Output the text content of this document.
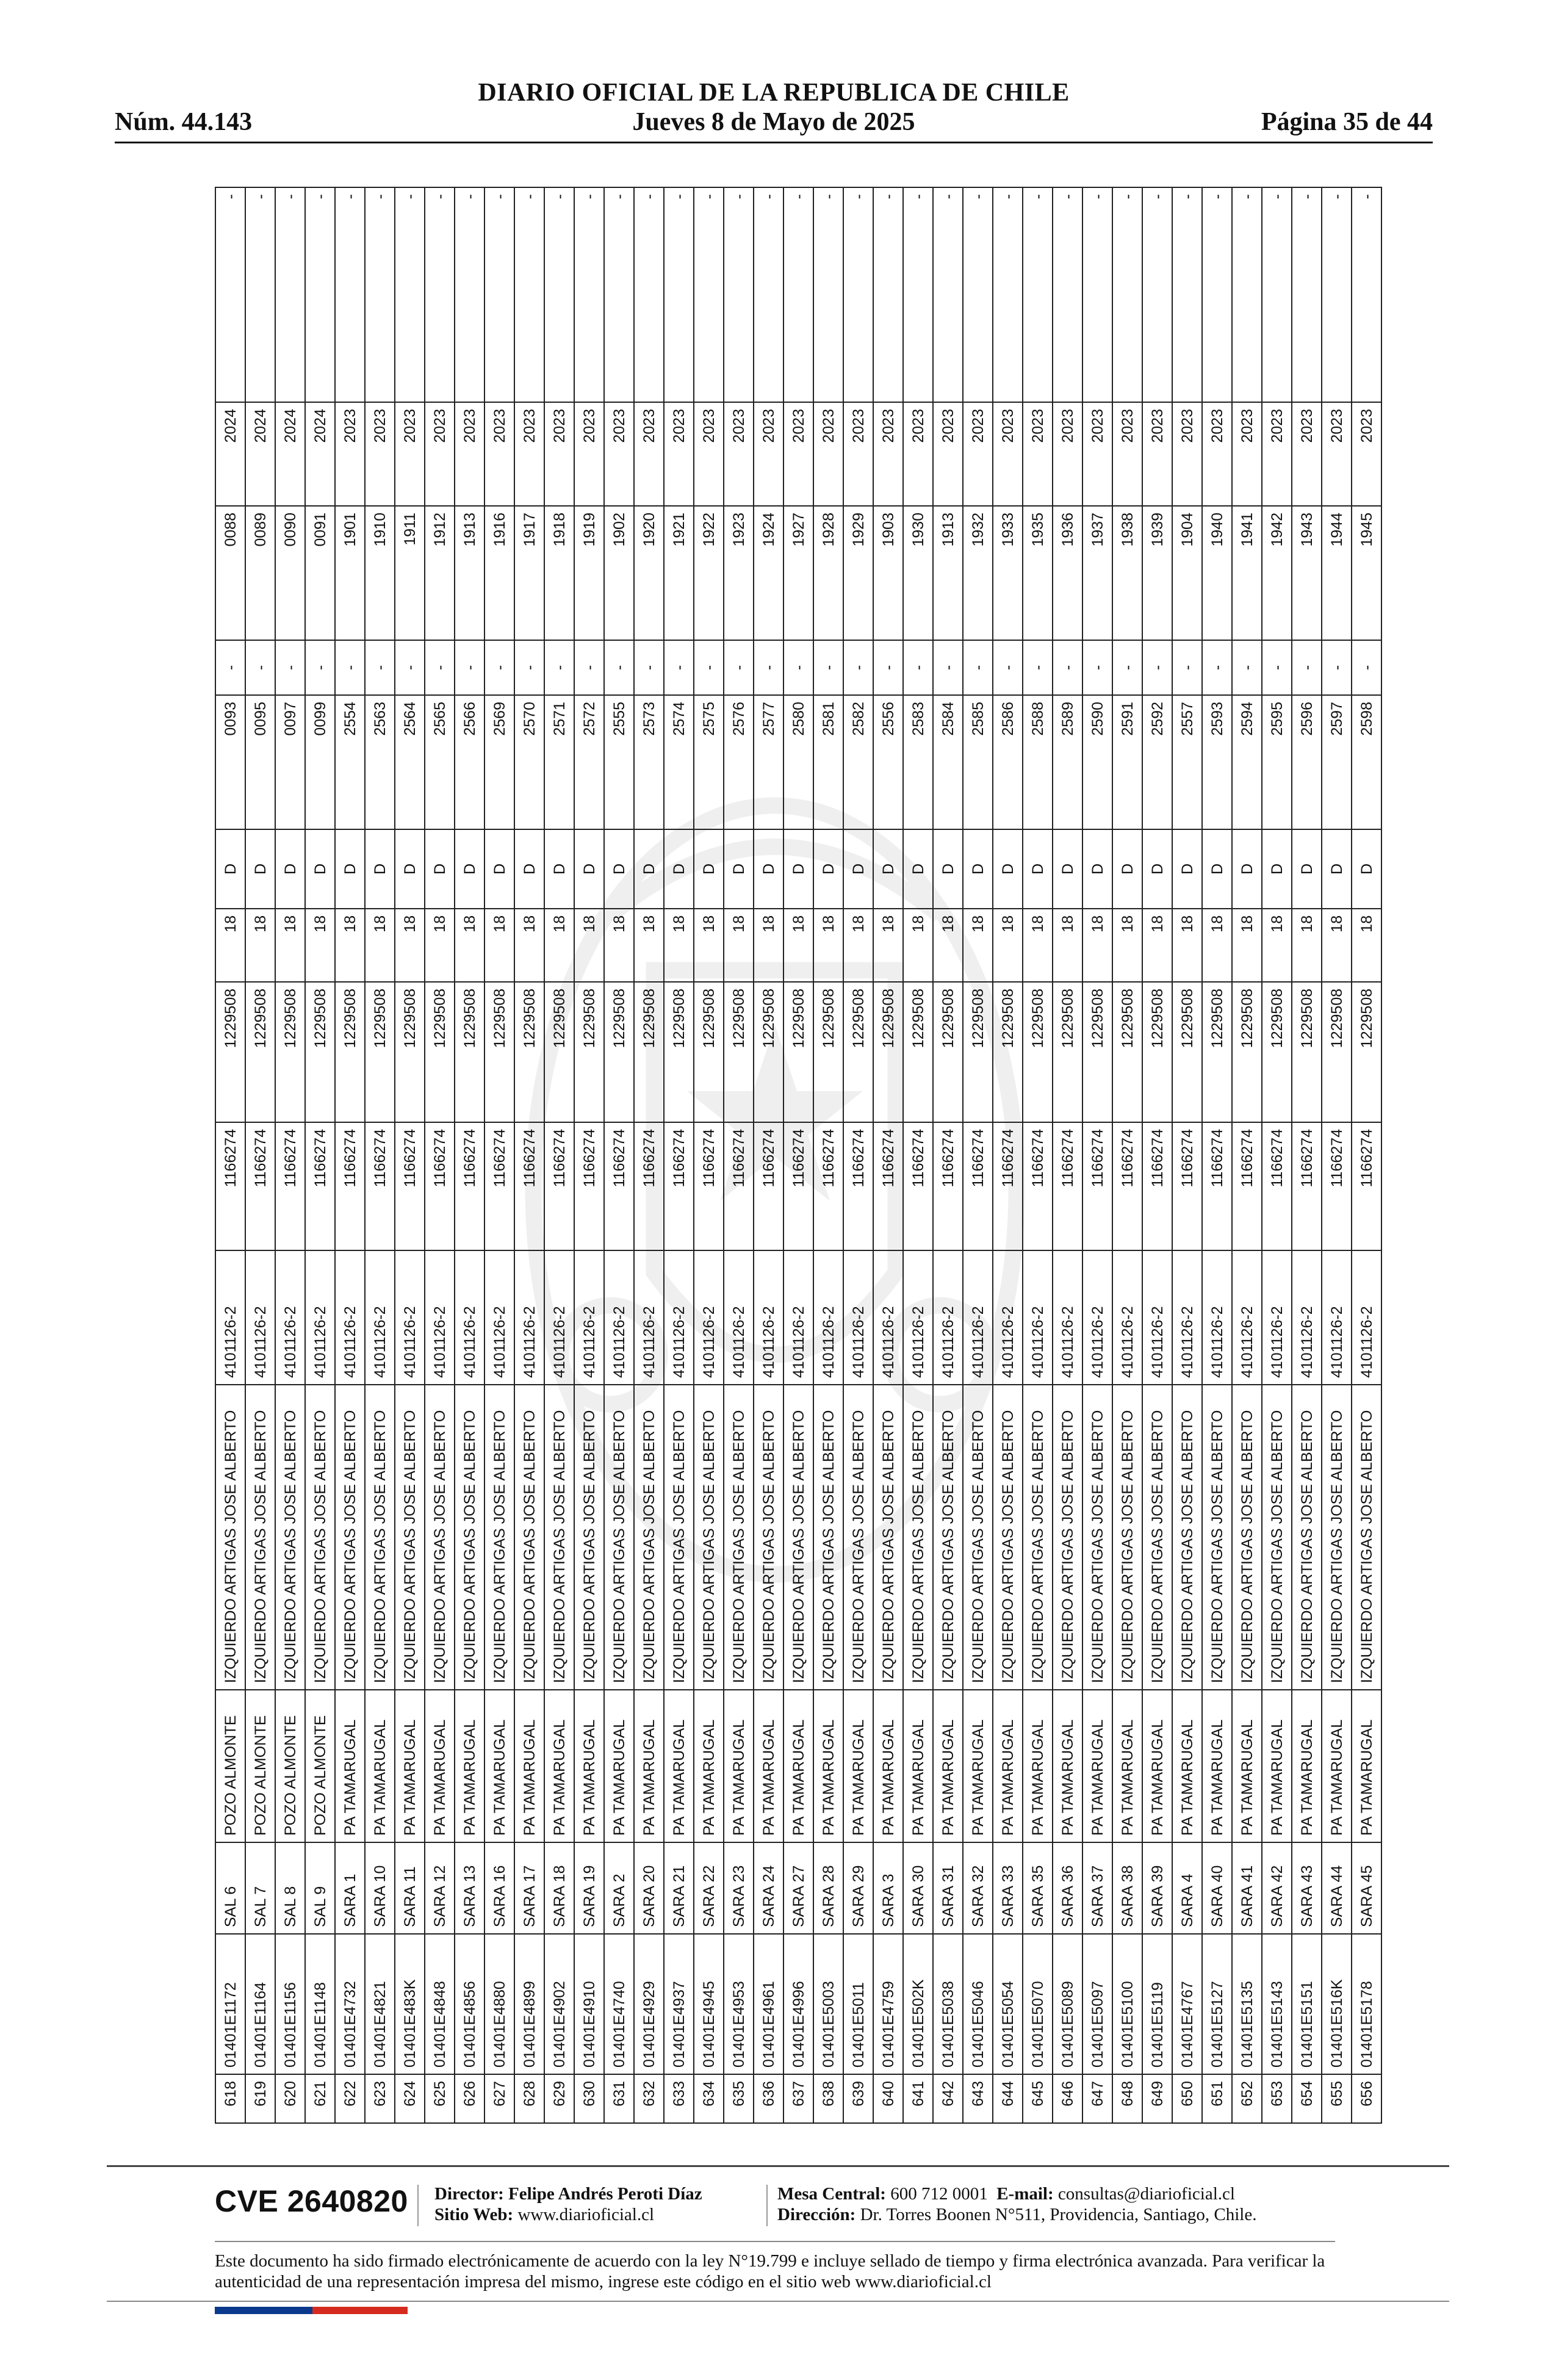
DIARIO OFICIAL DE LA REPUBLICA DE CHILE
Núm. 44.143	Jueves 8 de Mayo de 2025	Página 35 de 44
618	01401E1172	SAL 6	POZO ALMONTE	IZQUIERDO ARTIGAS JOSE ALBERTO	4101126-2	1166274	1229508	18	D	0093	-	0088	2024	-
619	01401E1164	SAL 7	POZO ALMONTE	IZQUIERDO ARTIGAS JOSE ALBERTO	4101126-2	1166274	1229508	18	D	0095	-	0089	2024	-
620	01401E1156	SAL 8	POZO ALMONTE	IZQUIERDO ARTIGAS JOSE ALBERTO	4101126-2	1166274	1229508	18	D	0097	-	0090	2024	-
621	01401E1148	SAL 9	POZO ALMONTE	IZQUIERDO ARTIGAS JOSE ALBERTO	4101126-2	1166274	1229508	18	D	0099	-	0091	2024	-
622	01401E4732	SARA 1	PA TAMARUGAL	IZQUIERDO ARTIGAS JOSE ALBERTO	4101126-2	1166274	1229508	18	D	2554	-	1901	2023	-
623	01401E4821	SARA 10	PA TAMARUGAL	IZQUIERDO ARTIGAS JOSE ALBERTO	4101126-2	1166274	1229508	18	D	2563	-	1910	2023	-
624	01401E483K	SARA 11	PA TAMARUGAL	IZQUIERDO ARTIGAS JOSE ALBERTO	4101126-2	1166274	1229508	18	D	2564	-	1911	2023	-
625	01401E4848	SARA 12	PA TAMARUGAL	IZQUIERDO ARTIGAS JOSE ALBERTO	4101126-2	1166274	1229508	18	D	2565	-	1912	2023	-
626	01401E4856	SARA 13	PA TAMARUGAL	IZQUIERDO ARTIGAS JOSE ALBERTO	4101126-2	1166274	1229508	18	D	2566	-	1913	2023	-
627	01401E4880	SARA 16	PA TAMARUGAL	IZQUIERDO ARTIGAS JOSE ALBERTO	4101126-2	1166274	1229508	18	D	2569	-	1916	2023	-
628	01401E4899	SARA 17	PA TAMARUGAL	IZQUIERDO ARTIGAS JOSE ALBERTO	4101126-2	1166274	1229508	18	D	2570	-	1917	2023	-
629	01401E4902	SARA 18	PA TAMARUGAL	IZQUIERDO ARTIGAS JOSE ALBERTO	4101126-2	1166274	1229508	18	D	2571	-	1918	2023	-
630	01401E4910	SARA 19	PA TAMARUGAL	IZQUIERDO ARTIGAS JOSE ALBERTO	4101126-2	1166274	1229508	18	D	2572	-	1919	2023	-
631	01401E4740	SARA 2	PA TAMARUGAL	IZQUIERDO ARTIGAS JOSE ALBERTO	4101126-2	1166274	1229508	18	D	2555	-	1902	2023	-
632	01401E4929	SARA 20	PA TAMARUGAL	IZQUIERDO ARTIGAS JOSE ALBERTO	4101126-2	1166274	1229508	18	D	2573	-	1920	2023	-
633	01401E4937	SARA 21	PA TAMARUGAL	IZQUIERDO ARTIGAS JOSE ALBERTO	4101126-2	1166274	1229508	18	D	2574	-	1921	2023	-
634	01401E4945	SARA 22	PA TAMARUGAL	IZQUIERDO ARTIGAS JOSE ALBERTO	4101126-2	1166274	1229508	18	D	2575	-	1922	2023	-
635	01401E4953	SARA 23	PA TAMARUGAL	IZQUIERDO ARTIGAS JOSE ALBERTO	4101126-2	1166274	1229508	18	D	2576	-	1923	2023	-
636	01401E4961	SARA 24	PA TAMARUGAL	IZQUIERDO ARTIGAS JOSE ALBERTO	4101126-2	1166274	1229508	18	D	2577	-	1924	2023	-
637	01401E4996	SARA 27	PA TAMARUGAL	IZQUIERDO ARTIGAS JOSE ALBERTO	4101126-2	1166274	1229508	18	D	2580	-	1927	2023	-
638	01401E5003	SARA 28	PA TAMARUGAL	IZQUIERDO ARTIGAS JOSE ALBERTO	4101126-2	1166274	1229508	18	D	2581	-	1928	2023	-
639	01401E5011	SARA 29	PA TAMARUGAL	IZQUIERDO ARTIGAS JOSE ALBERTO	4101126-2	1166274	1229508	18	D	2582	-	1929	2023	-
640	01401E4759	SARA 3	PA TAMARUGAL	IZQUIERDO ARTIGAS JOSE ALBERTO	4101126-2	1166274	1229508	18	D	2556	-	1903	2023	-
641	01401E502K	SARA 30	PA TAMARUGAL	IZQUIERDO ARTIGAS JOSE ALBERTO	4101126-2	1166274	1229508	18	D	2583	-	1930	2023	-
642	01401E5038	SARA 31	PA TAMARUGAL	IZQUIERDO ARTIGAS JOSE ALBERTO	4101126-2	1166274	1229508	18	D	2584	-	1913	2023	-
643	01401E5046	SARA 32	PA TAMARUGAL	IZQUIERDO ARTIGAS JOSE ALBERTO	4101126-2	1166274	1229508	18	D	2585	-	1932	2023	-
644	01401E5054	SARA 33	PA TAMARUGAL	IZQUIERDO ARTIGAS JOSE ALBERTO	4101126-2	1166274	1229508	18	D	2586	-	1933	2023	-
645	01401E5070	SARA 35	PA TAMARUGAL	IZQUIERDO ARTIGAS JOSE ALBERTO	4101126-2	1166274	1229508	18	D	2588	-	1935	2023	-
646	01401E5089	SARA 36	PA TAMARUGAL	IZQUIERDO ARTIGAS JOSE ALBERTO	4101126-2	1166274	1229508	18	D	2589	-	1936	2023	-
647	01401E5097	SARA 37	PA TAMARUGAL	IZQUIERDO ARTIGAS JOSE ALBERTO	4101126-2	1166274	1229508	18	D	2590	-	1937	2023	-
648	01401E5100	SARA 38	PA TAMARUGAL	IZQUIERDO ARTIGAS JOSE ALBERTO	4101126-2	1166274	1229508	18	D	2591	-	1938	2023	-
649	01401E5119	SARA 39	PA TAMARUGAL	IZQUIERDO ARTIGAS JOSE ALBERTO	4101126-2	1166274	1229508	18	D	2592	-	1939	2023	-
650	01401E4767	SARA 4	PA TAMARUGAL	IZQUIERDO ARTIGAS JOSE ALBERTO	4101126-2	1166274	1229508	18	D	2557	-	1904	2023	-
651	01401E5127	SARA 40	PA TAMARUGAL	IZQUIERDO ARTIGAS JOSE ALBERTO	4101126-2	1166274	1229508	18	D	2593	-	1940	2023	-
652	01401E5135	SARA 41	PA TAMARUGAL	IZQUIERDO ARTIGAS JOSE ALBERTO	4101126-2	1166274	1229508	18	D	2594	-	1941	2023	-
653	01401E5143	SARA 42	PA TAMARUGAL	IZQUIERDO ARTIGAS JOSE ALBERTO	4101126-2	1166274	1229508	18	D	2595	-	1942	2023	-
654	01401E5151	SARA 43	PA TAMARUGAL	IZQUIERDO ARTIGAS JOSE ALBERTO	4101126-2	1166274	1229508	18	D	2596	-	1943	2023	-
655	01401E516K	SARA 44	PA TAMARUGAL	IZQUIERDO ARTIGAS JOSE ALBERTO	4101126-2	1166274	1229508	18	D	2597	-	1944	2023	-
656	01401E5178	SARA 45	PA TAMARUGAL	IZQUIERDO ARTIGAS JOSE ALBERTO	4101126-2	1166274	1229508	18	D	2598	-	1945	2023	-
CVE 2640820 Director: Felipe Andrés Peroti Díaz
Sitio Web: www.diarioficial.cl
Mesa Central: 600 712 0001 E-mail: consultas@diarioficial.cl
Dirección: Dr. Torres Boonen N°511, Providencia, Santiago, Chile.
Este documento ha sido firmado electrónicamente de acuerdo con la ley N°19.799 e incluye sellado de tiempo y firma electrónica avanzada. Para verificar la autenticidad de una representación impresa del mismo, ingrese este código en el sitio web www.diarioficial.cl
